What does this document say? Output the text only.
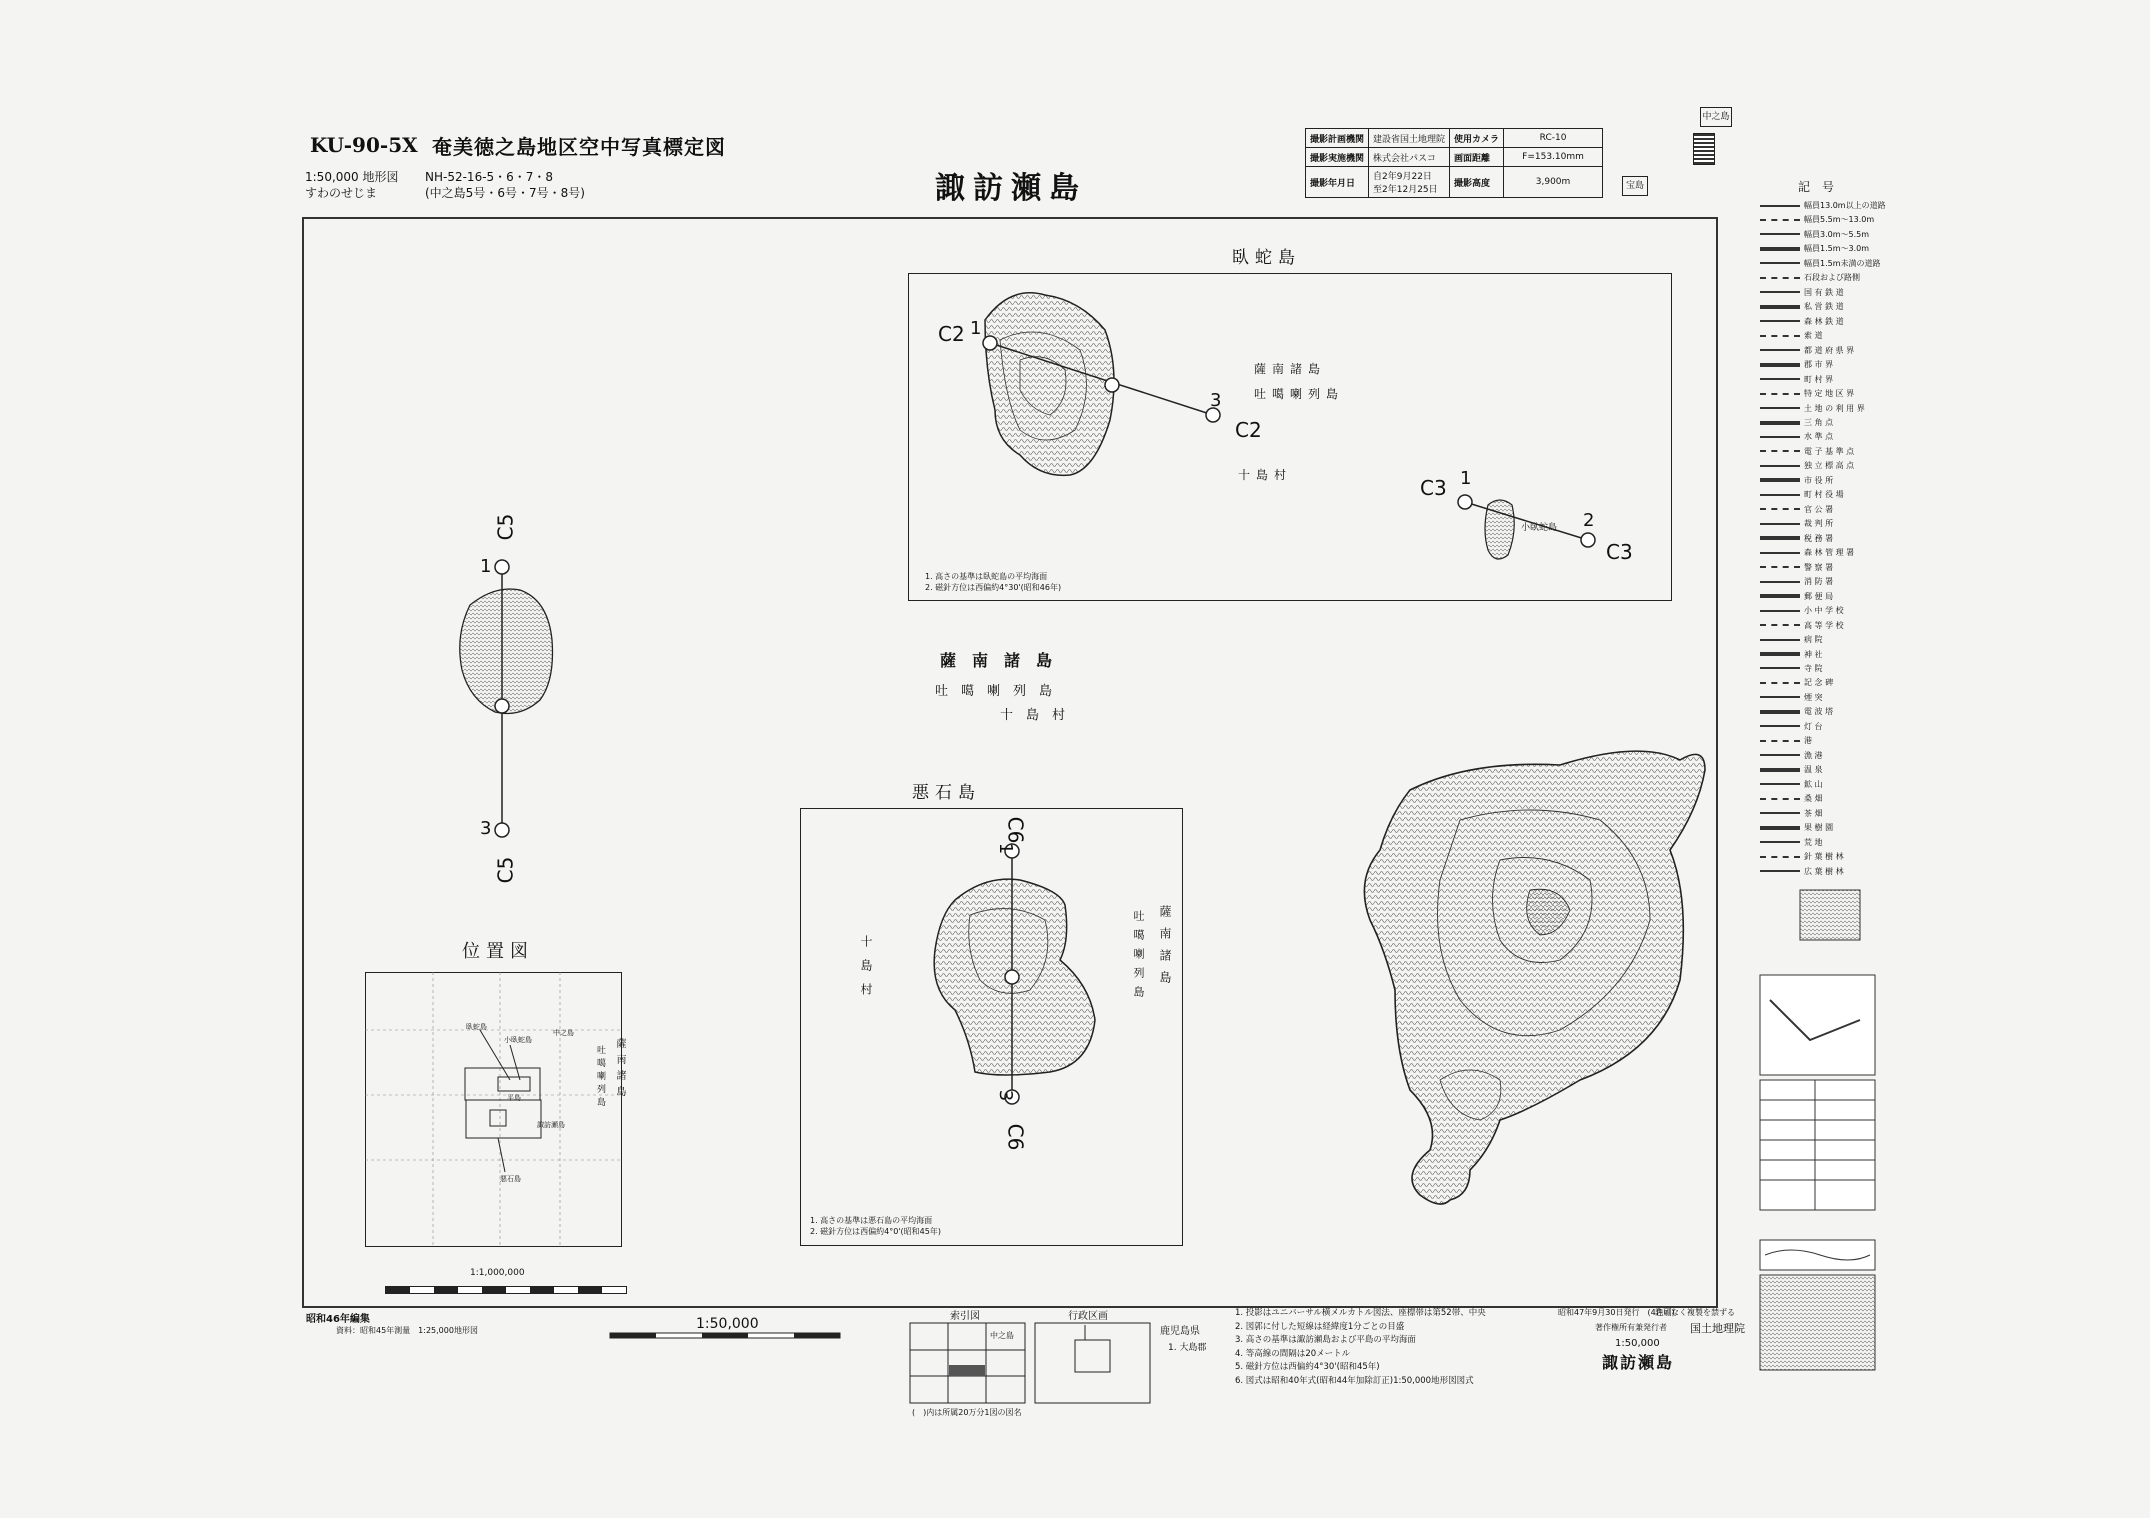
KU-90-5X 奄美徳之島地区空中写真標定図
1:50,000 地形図 NH-52-16-5・6・7・8
すわのせじま	(中之島5号・6号・7号・8号)	諏訪瀬島
撮影計画機関	建設省国土地理院	使用カメラ	RC-10
撮影実施機関	株式会社パスコ	画面距離	F=153.10mm
撮影年月日	自2年9月22日
至2年12月25日	撮影高度	3,900m
中之島
宝島
薩　南　諸　島
吐　噶　喇　列　島
十　島　村
臥蛇島
薩南諸島
吐噶喇列島
十島村
小臥蛇島
1. 高さの基準は臥蛇島の平均海面
2. 磁針方位は西偏約4°30'(昭和46年)
悪石島
1. 高さの基準は悪石島の平均海面
2. 磁針方位は西偏約4°0'(昭和45年)
十島村	薩南諸島
吐噶喇列島
位置図
1:1,000,000
臥蛇島
小臥蛇島
中之島
平島
諏訪瀬島
悪石島
薩南諸島
吐噶喇列島
C2 1
3
C2
C3 1
2
C3
C5
1
3
C5
C6
1
3
C6
昭和46年編集
資料：昭和45年測量　1:25,000地形図	1:50,000	索引図
中之島
(　)内は所属20万分1図の図名
行政区画
鹿児島県
1. 大島郡
1. 投影はユニバーサル横メルカトル図法、座標帯は第52帯、中央
2. 図郭に付した短線は経緯度1分ごとの目盛
3. 高さの基準は諏訪瀬島および平島の平均海面
4. 等高線の間隔は20メートル
5. 磁針方位は西偏約4°30'(昭和45年)
6. 図式は昭和40年式(昭和44年加除訂正)1:50,000地形図図式
昭和47年9月30日発行　(4色刷)
許可なく複製を禁ずる
著作権所有兼発行者 国土地理院
1:50,000
諏訪瀬島
記　号
幅員13.0m以上の道路
幅員5.5m〜13.0m
幅員3.0m〜5.5m
幅員1.5m〜3.0m
幅員1.5m未満の道路
石段および路側
国 有 鉄 道
私 営 鉄 道
森 林 鉄 道
索 道
都 道 府 県 界
郡 市 界
町 村 界
特 定 地 区 界
土 地 の 利 用 界
三 角 点
水 準 点
電 子 基 準 点
独 立 標 高 点
市 役 所
町 村 役 場
官 公 署
裁 判 所
税 務 署
森 林 管 理 署
警 察 署
消 防 署
郵 便 局
小 中 学 校
高 等 学 校
病 院
神 社
寺 院
記 念 碑
煙 突
電 波 塔
灯 台
港
漁 港
温 泉
鉱 山
桑 畑
茶 畑
果 樹 園
荒 地
針 葉 樹 林
広 葉 樹 林
